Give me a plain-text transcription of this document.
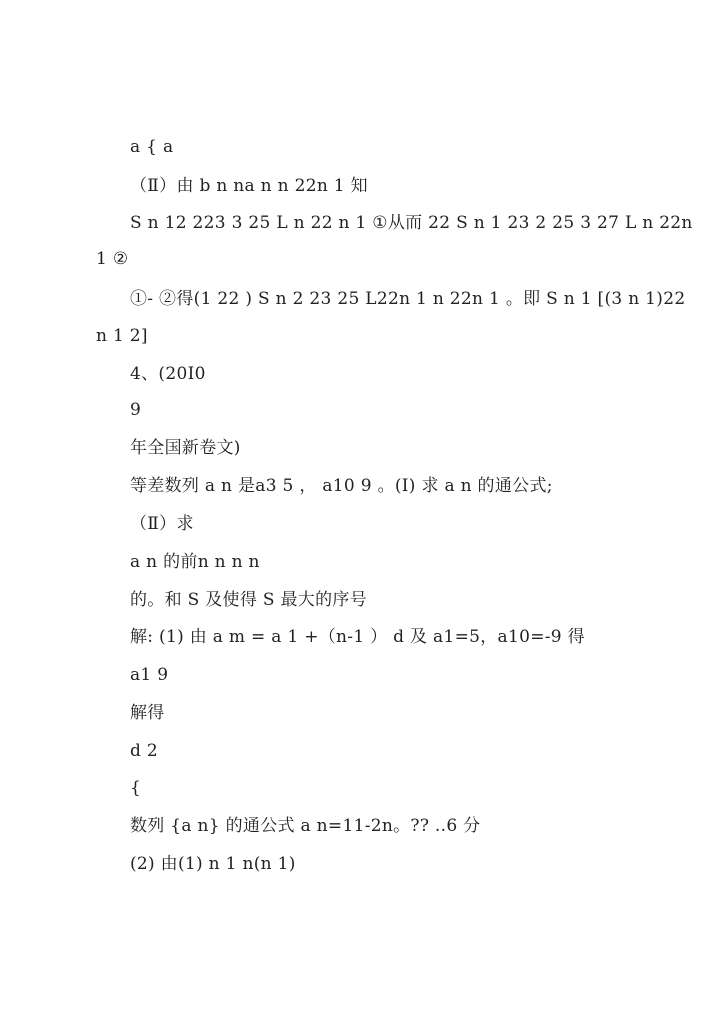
a { a
（Ⅱ）由 b n na n n 22n 1 知
S n 12 223 3 25 L n 22 n 1 ①从而 22 S n 1 23 2 25 3 27 L n 22n
1 ②
①- ②得(1 22 ) S n 2 23 25 L22n 1 n 22n 1 。即 S n 1 [(3 n 1)22
n 1 2]
4、(20I0
9
年全国新卷文)
等差数列 a n 是a3 5 ， a10 9 。(Ⅰ) 求 a n 的通公式;
（Ⅱ）求
a n 的前n n n n
的。和 S 及使得 S 最大的序号
解: (1) 由 a m = a 1 +（n-1 ） d 及 a1=5，a10=-9 得
a1 9
解得
d 2
{
数列 {a n} 的通公式 a n=11-2n。?? ..6 分
(2) 由(1) n 1 n(n 1)
